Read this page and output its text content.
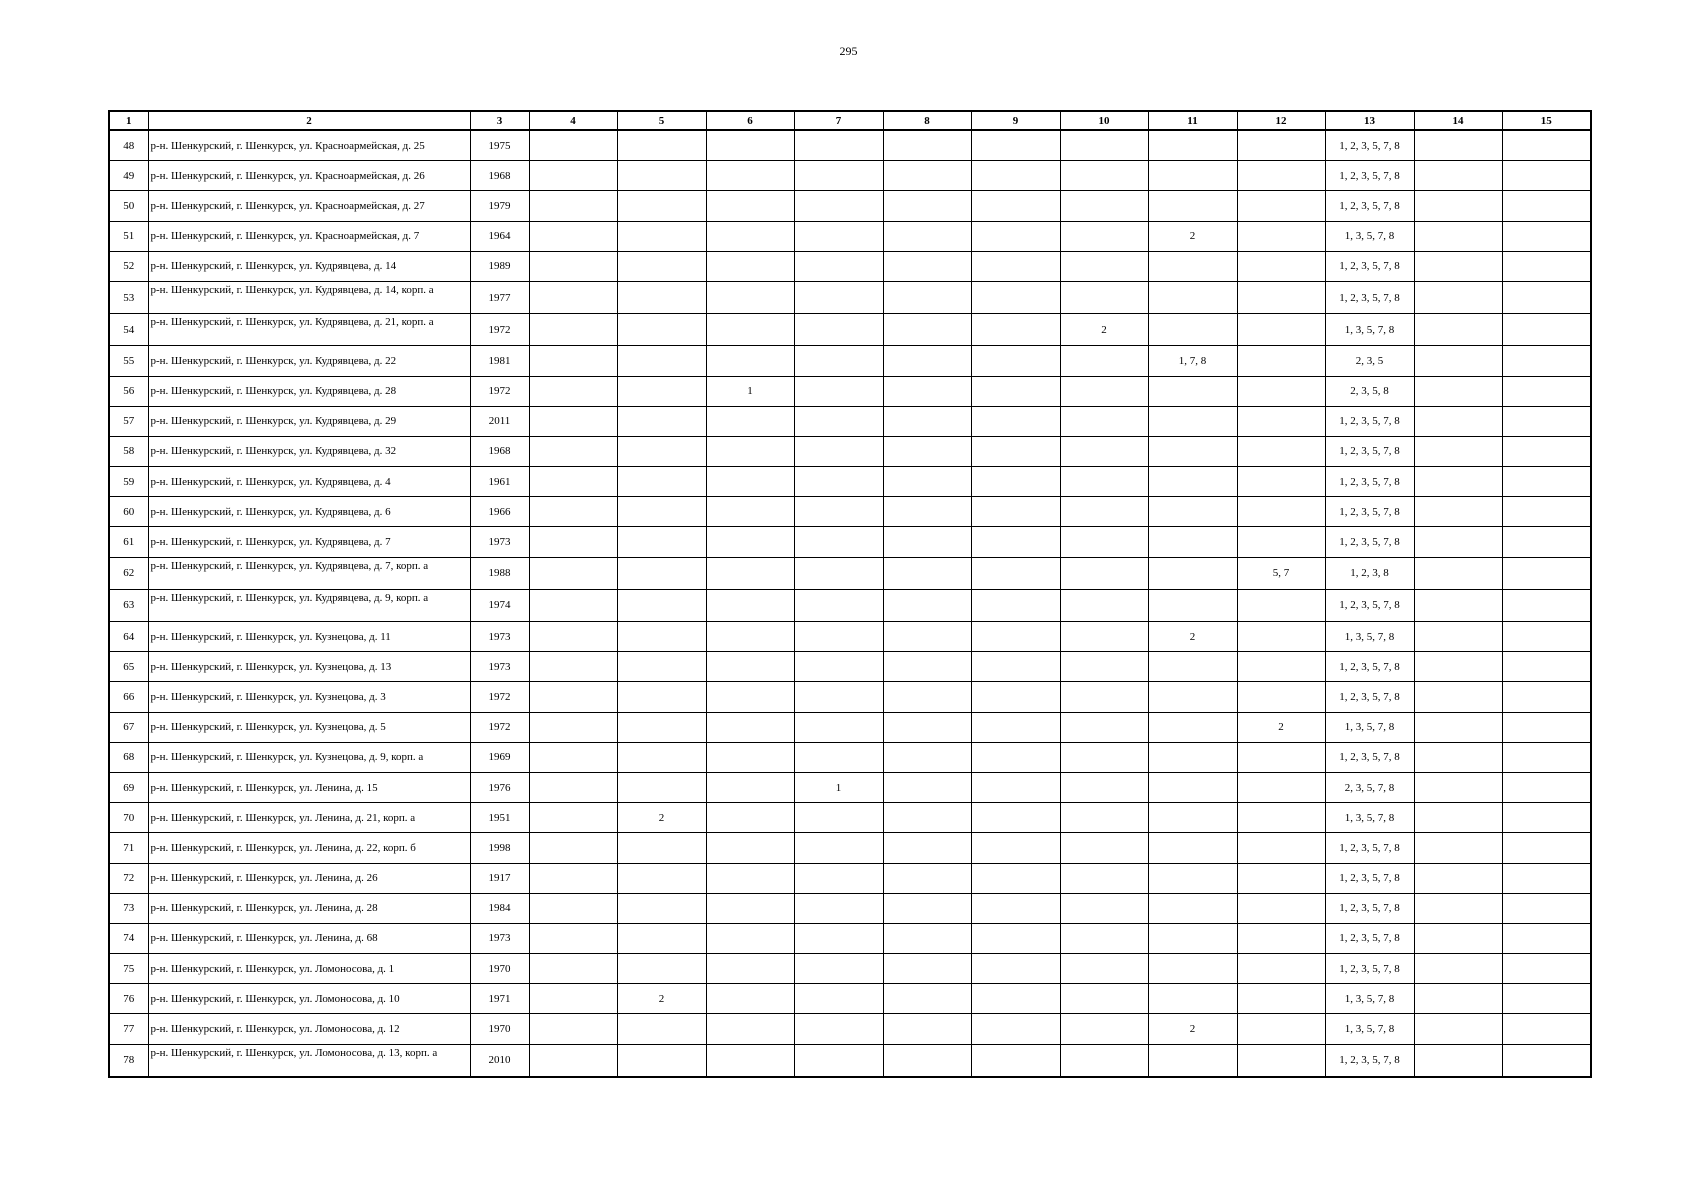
295
1	2	3	4	5	6	7	8	9	10	11	12	13	14	15
48	р-н. Шенкурский, г. Шенкурск, ул. Красноармейская, д. 25	1975										1, 2, 3, 5, 7, 8		
49	р-н. Шенкурский, г. Шенкурск, ул. Красноармейская, д. 26	1968										1, 2, 3, 5, 7, 8		
50	р-н. Шенкурский, г. Шенкурск, ул. Красноармейская, д. 27	1979										1, 2, 3, 5, 7, 8		
51	р-н. Шенкурский, г. Шенкурск, ул. Красноармейская, д. 7	1964								2		1, 3, 5, 7, 8		
52	р-н. Шенкурский, г. Шенкурск, ул. Кудрявцева, д. 14	1989										1, 2, 3, 5, 7, 8		
53	р-н. Шенкурский, г. Шенкурск, ул. Кудрявцева, д. 14, корп. а	1977										1, 2, 3, 5, 7, 8		
54	р-н. Шенкурский, г. Шенкурск, ул. Кудрявцева, д. 21, корп. а	1972							2			1, 3, 5, 7, 8		
55	р-н. Шенкурский, г. Шенкурск, ул. Кудрявцева, д. 22	1981								1, 7, 8		2, 3, 5		
56	р-н. Шенкурский, г. Шенкурск, ул. Кудрявцева, д. 28	1972			1							2, 3, 5, 8		
57	р-н. Шенкурский, г. Шенкурск, ул. Кудрявцева, д. 29	2011										1, 2, 3, 5, 7, 8		
58	р-н. Шенкурский, г. Шенкурск, ул. Кудрявцева, д. 32	1968										1, 2, 3, 5, 7, 8		
59	р-н. Шенкурский, г. Шенкурск, ул. Кудрявцева, д. 4	1961										1, 2, 3, 5, 7, 8		
60	р-н. Шенкурский, г. Шенкурск, ул. Кудрявцева, д. 6	1966										1, 2, 3, 5, 7, 8		
61	р-н. Шенкурский, г. Шенкурск, ул. Кудрявцева, д. 7	1973										1, 2, 3, 5, 7, 8		
62	р-н. Шенкурский, г. Шенкурск, ул. Кудрявцева, д. 7, корп. а	1988									5, 7	1, 2, 3, 8		
63	р-н. Шенкурский, г. Шенкурск, ул. Кудрявцева, д. 9, корп. а	1974										1, 2, 3, 5, 7, 8		
64	р-н. Шенкурский, г. Шенкурск, ул. Кузнецова, д. 11	1973								2		1, 3, 5, 7, 8		
65	р-н. Шенкурский, г. Шенкурск, ул. Кузнецова, д. 13	1973										1, 2, 3, 5, 7, 8		
66	р-н. Шенкурский, г. Шенкурск, ул. Кузнецова, д. 3	1972										1, 2, 3, 5, 7, 8		
67	р-н. Шенкурский, г. Шенкурск, ул. Кузнецова, д. 5	1972									2	1, 3, 5, 7, 8		
68	р-н. Шенкурский, г. Шенкурск, ул. Кузнецова, д. 9, корп. а	1969										1, 2, 3, 5, 7, 8		
69	р-н. Шенкурский, г. Шенкурск, ул. Ленина, д. 15	1976				1						2, 3, 5, 7, 8		
70	р-н. Шенкурский, г. Шенкурск, ул. Ленина, д. 21, корп. а	1951		2								1, 3, 5, 7, 8		
71	р-н. Шенкурский, г. Шенкурск, ул. Ленина, д. 22, корп. б	1998										1, 2, 3, 5, 7, 8		
72	р-н. Шенкурский, г. Шенкурск, ул. Ленина, д. 26	1917										1, 2, 3, 5, 7, 8		
73	р-н. Шенкурский, г. Шенкурск, ул. Ленина, д. 28	1984										1, 2, 3, 5, 7, 8		
74	р-н. Шенкурский, г. Шенкурск, ул. Ленина, д. 68	1973										1, 2, 3, 5, 7, 8		
75	р-н. Шенкурский, г. Шенкурск, ул. Ломоносова, д. 1	1970										1, 2, 3, 5, 7, 8		
76	р-н. Шенкурский, г. Шенкурск, ул. Ломоносова, д. 10	1971		2								1, 3, 5, 7, 8		
77	р-н. Шенкурский, г. Шенкурск, ул. Ломоносова, д. 12	1970								2		1, 3, 5, 7, 8		
78	р-н. Шенкурский, г. Шенкурск, ул. Ломоносова, д. 13, корп. а	2010										1, 2, 3, 5, 7, 8		
